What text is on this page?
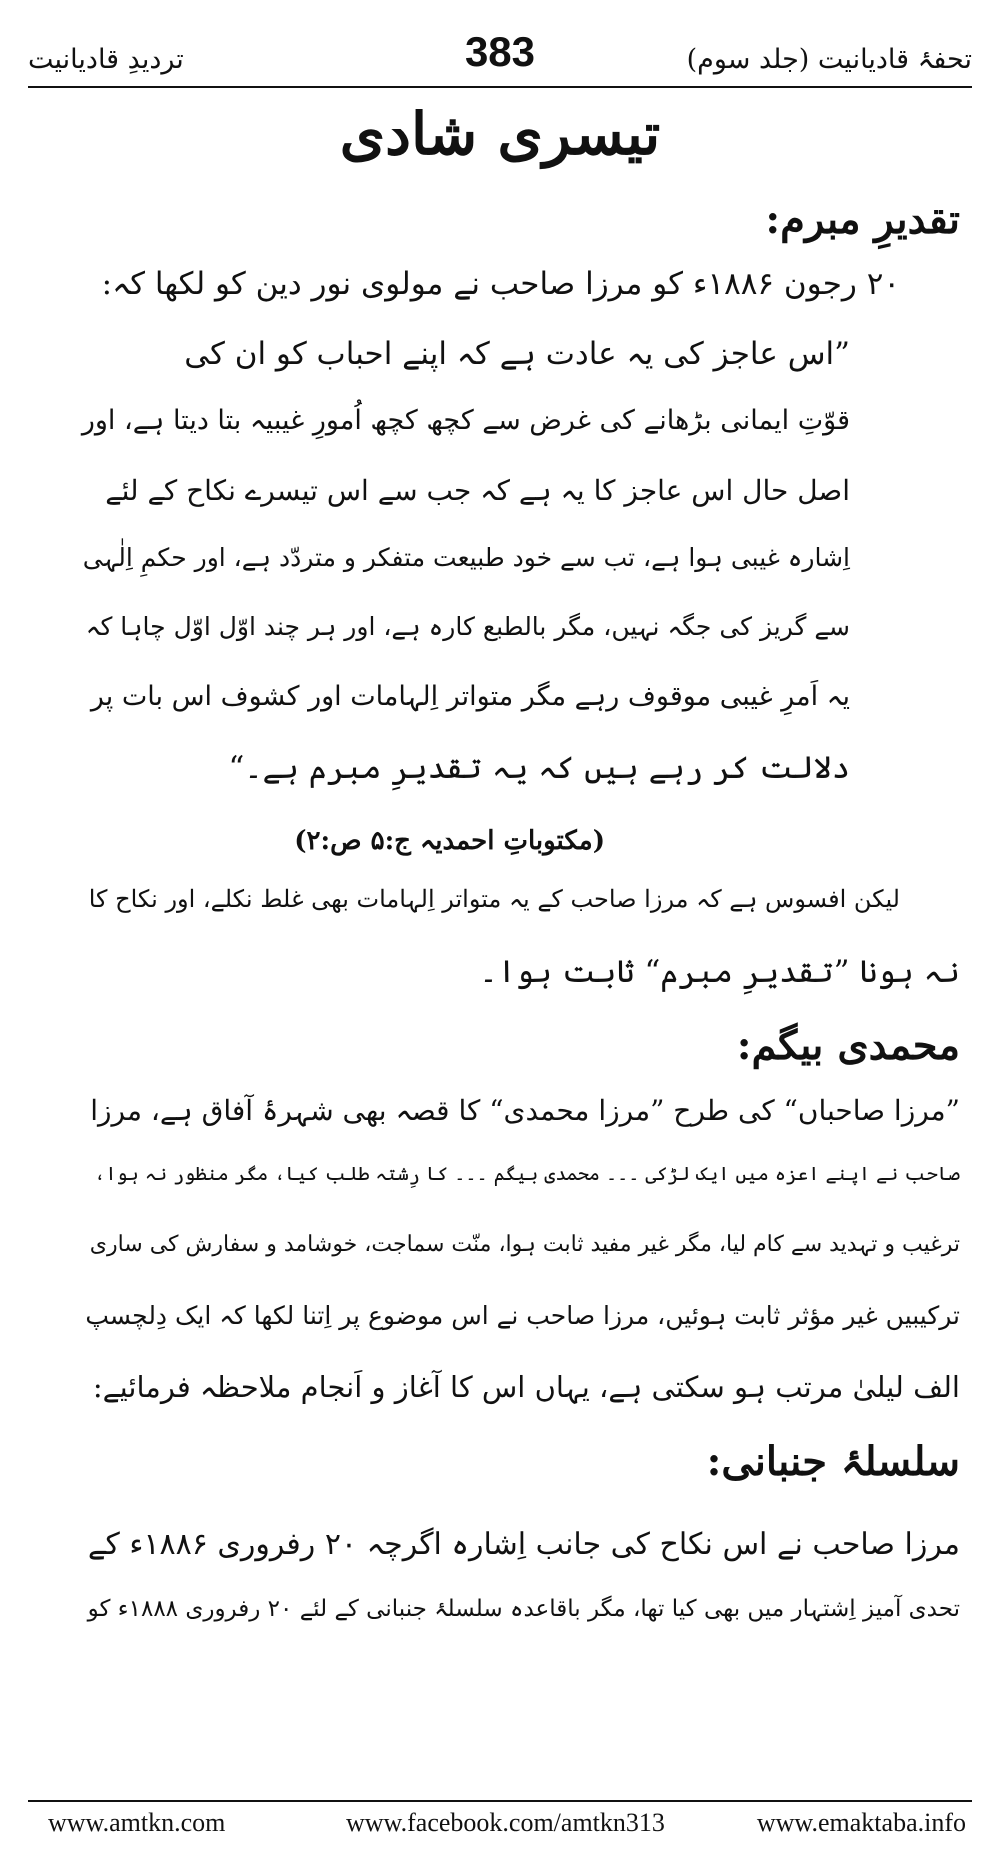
تردیدِ قادیانیت	383	تحفۂ قادیانیت (جلد سوم)
تیسری شادی
تقدیرِ مبرم:
۲۰ رجون ۱۸۸۶ء کو مرزا صاحب نے مولوی نور دین کو لکھا کہ:
”اس عاجز کی یہ عادت ہے کہ اپنے احباب کو ان کی
قوّتِ ایمانی بڑھانے کی غرض سے کچھ کچھ اُمورِ غیبیہ بتا دیتا ہے، اور
اصل حال اس عاجز کا یہ ہے کہ جب سے اس تیسرے نکاح کے لئے
اِشارہ غیبی ہوا ہے، تب سے خود طبیعت متفکر و متردّد ہے، اور حکمِ اِلٰہی
سے گریز کی جگہ نہیں، مگر بالطبع کارہ ہے، اور ہر چند اوّل اوّل چاہا کہ
یہ اَمرِ غیبی موقوف رہے مگر متواتر اِلہامات اور کشوف اس بات پر
دلالت کر رہے ہیں کہ یہ تقدیرِ مبرم ہے۔“
(مکتوباتِ احمدیہ ج:۵ ص:۲)
لیکن افسوس ہے کہ مرزا صاحب کے یہ متواتر اِلہامات بھی غلط نکلے، اور نکاح کا
نہ ہونا ”تقدیرِ مبرم“ ثابت ہوا۔
محمدی بیگم:
”مرزا صاحباں“ کی طرح ”مرزا محمدی“ کا قصہ بھی شہرۂ آفاق ہے، مرزا
صاحب نے اپنے اعزہ میں ایک لڑکی ۔۔۔ محمدی بیگم ۔۔۔ کا رِشتہ طلب کیا، مگر منظور نہ ہوا،
ترغیب و تہدید سے کام لیا، مگر غیر مفید ثابت ہوا، منّت سماجت، خوشامد و سفارش کی ساری
ترکیبیں غیر مؤثر ثابت ہوئیں، مرزا صاحب نے اس موضوع پر اِتنا لکھا کہ ایک دِلچسپ
الف لیلیٰ مرتب ہو سکتی ہے، یہاں اس کا آغاز و اَنجام ملاحظہ فرمائیے:
سلسلۂ جنبانی:
مرزا صاحب نے اس نکاح کی جانب اِشارہ اگرچہ ۲۰ رفروری ۱۸۸۶ء کے
تحدی آمیز اِشتہار میں بھی کیا تھا، مگر باقاعدہ سلسلۂ جنبانی کے لئے ۲۰ رفروری ۱۸۸۸ء کو
www.amtkn.com	www.facebook.com/amtkn313	www.emaktaba.info
